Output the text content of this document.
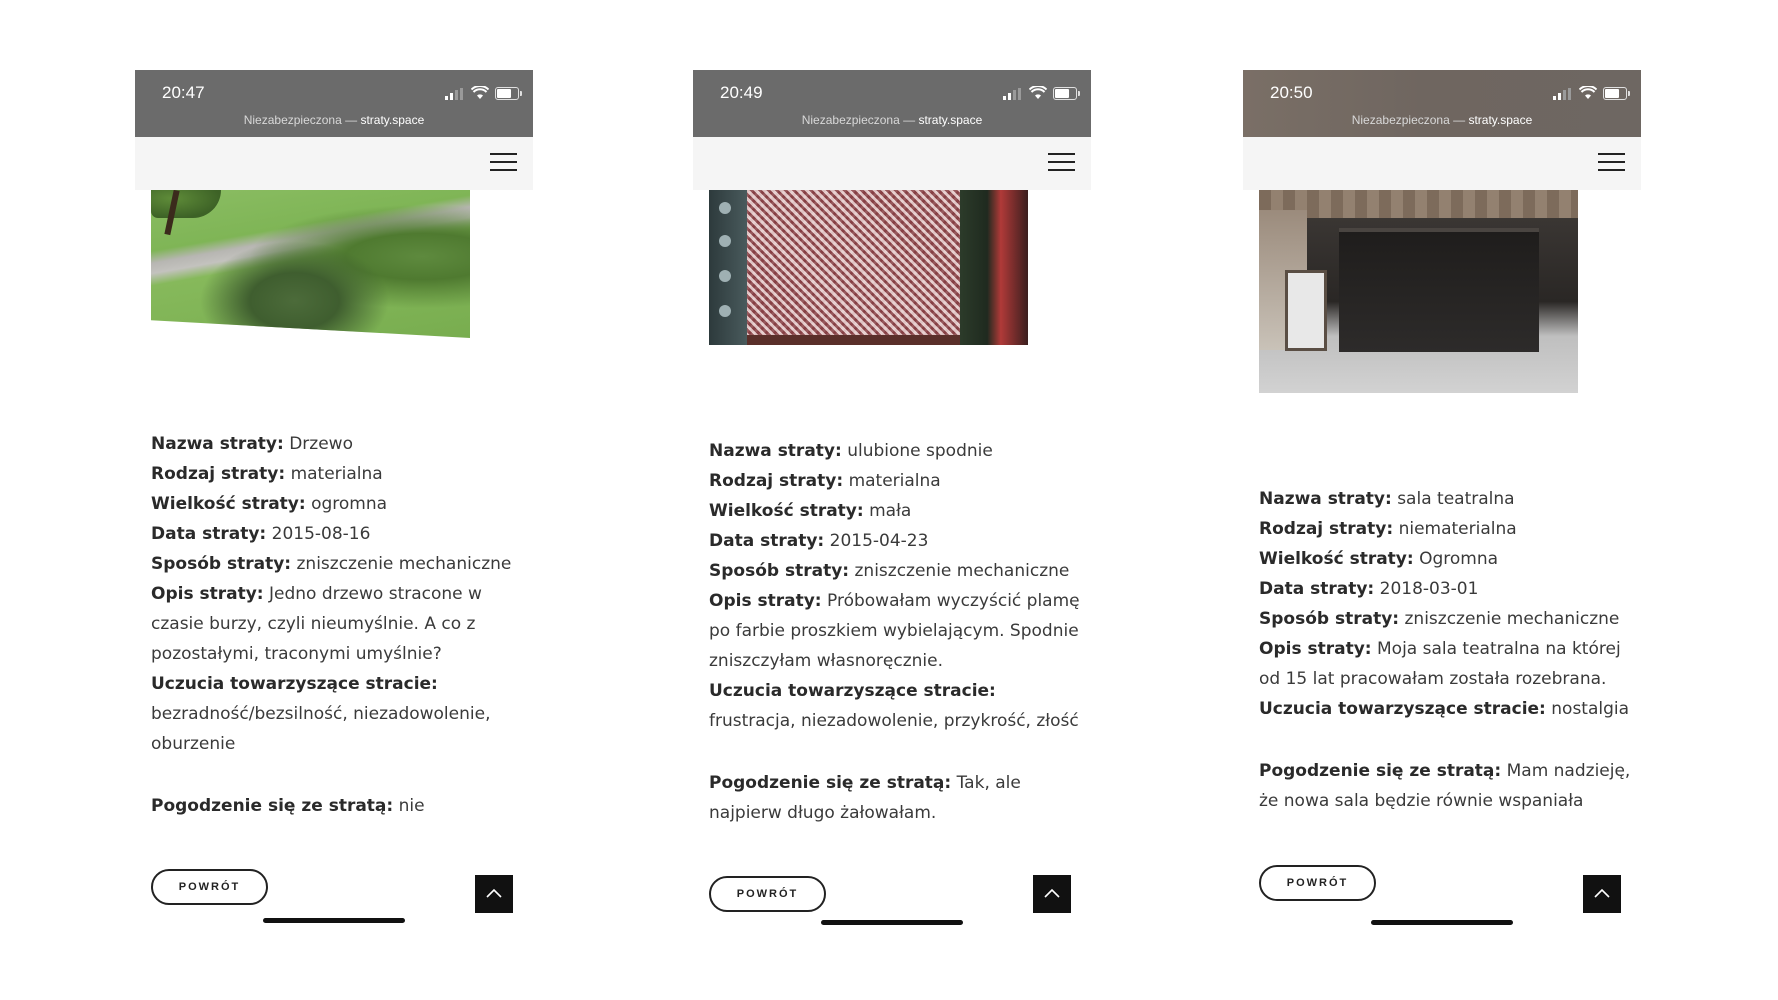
20:47
Niezabezpieczona — straty.space

Nazwa straty: Drzewo

Rodzaj straty: materialna

Wielkość straty: ogromna

Data straty: 2015-08-16

Sposób straty: zniszczenie mechaniczne

Opis straty: Jedno drzewo stracone w czasie burzy, czyli nieumyślnie. A co z pozostałymi, traconymi umyślnie?

Uczucia towarzyszące stracie: bezradność/bezsilność, niezadowolenie, oburzenie

Pogodzenie się ze stratą: nie

POWRÓT
20:49
Niezabezpieczona — straty.space

Nazwa straty: ulubione spodnie

Rodzaj straty: materialna

Wielkość straty: mała

Data straty: 2015-04-23

Sposób straty: zniszczenie mechaniczne

Opis straty: Próbowałam wyczyścić plamę po farbie proszkiem wybielającym. Spodnie zniszczyłam własnoręcznie.

Uczucia towarzyszące stracie: frustracja, niezadowolenie, przykrość, złość

Pogodzenie się ze stratą: Tak, ale najpierw długo żałowałam.

POWRÓT
20:50
Niezabezpieczona — straty.space

Nazwa straty: sala teatralna

Rodzaj straty: niematerialna

Wielkość straty: Ogromna

Data straty: 2018-03-01

Sposób straty: zniszczenie mechaniczne

Opis straty: Moja sala teatralna na której od 15 lat pracowałam została rozebrana.

Uczucia towarzyszące stracie: nostalgia

Pogodzenie się ze stratą: Mam nadzieję, że nowa sala będzie równie wspaniała

POWRÓT
